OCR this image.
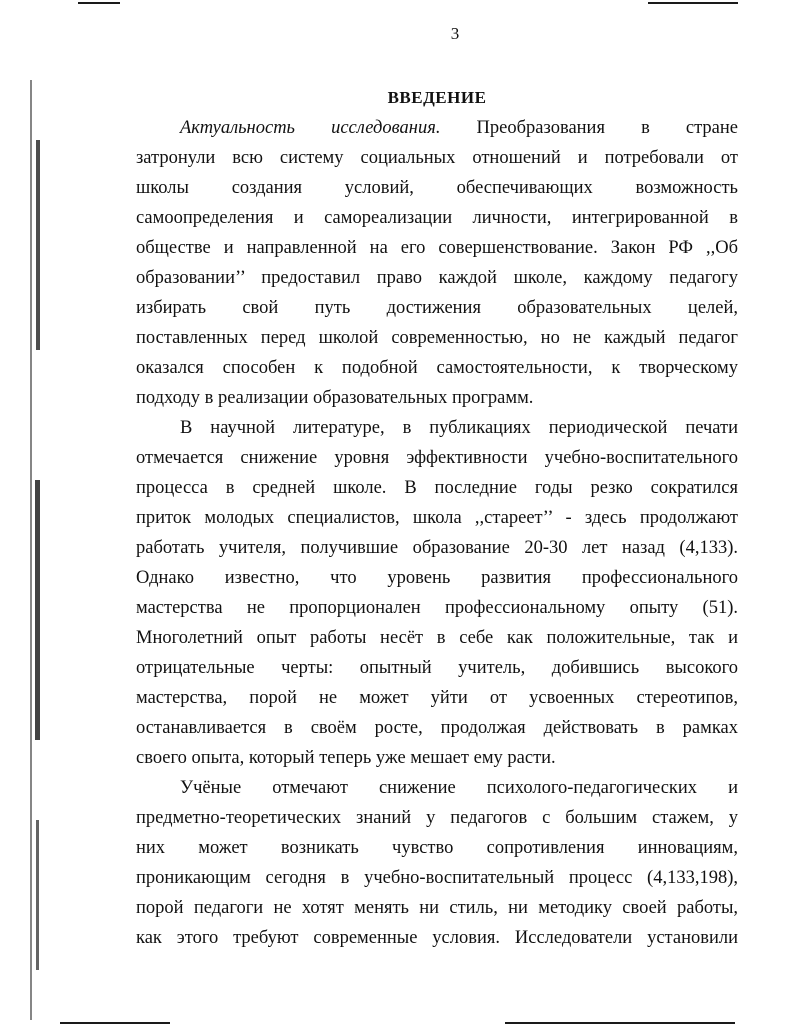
3
ВВЕДЕНИЕ
Актуальность исследования. Преобразования в стране
затронули всю систему социальных отношений и потребовали от
школы создания условий, обеспечивающих возможность
самоопределения и самореализации личности, интегрированной в
обществе и направленной на его совершенствование. Закон РФ ,,Об
образовании’’ предоставил право каждой школе, каждому педагогу
избирать свой путь достижения образовательных целей,
поставленных перед школой современностью, но не каждый педагог
оказался способен к подобной самостоятельности, к творческому
подходу в реализации образовательных программ.
В научной литературе, в публикациях периодической печати
отмечается снижение уровня эффективности учебно-воспитательного
процесса в средней школе. В последние годы резко сократился
приток молодых специалистов, школа ,,стареет’’ - здесь продолжают
работать учителя, получившие образование 20-30 лет назад (4,133).
Однако известно, что уровень развития профессионального
мастерства не пропорционален профессиональному опыту (51).
Многолетний опыт работы несёт в себе как положительные, так и
отрицательные черты: опытный учитель, добившись высокого
мастерства, порой не может уйти от усвоенных стереотипов,
останавливается в своём росте, продолжая действовать в рамках
своего опыта, который теперь уже мешает ему расти.
Учёные отмечают снижение психолого-педагогических и
предметно-теоретических знаний у педагогов с большим стажем, у
них может возникать чувство сопротивления инновациям,
проникающим сегодня в учебно-воспитательный процесс (4,133,198),
порой педагоги не хотят менять ни стиль, ни методику своей работы,
как этого требуют современные условия. Исследователи установили
